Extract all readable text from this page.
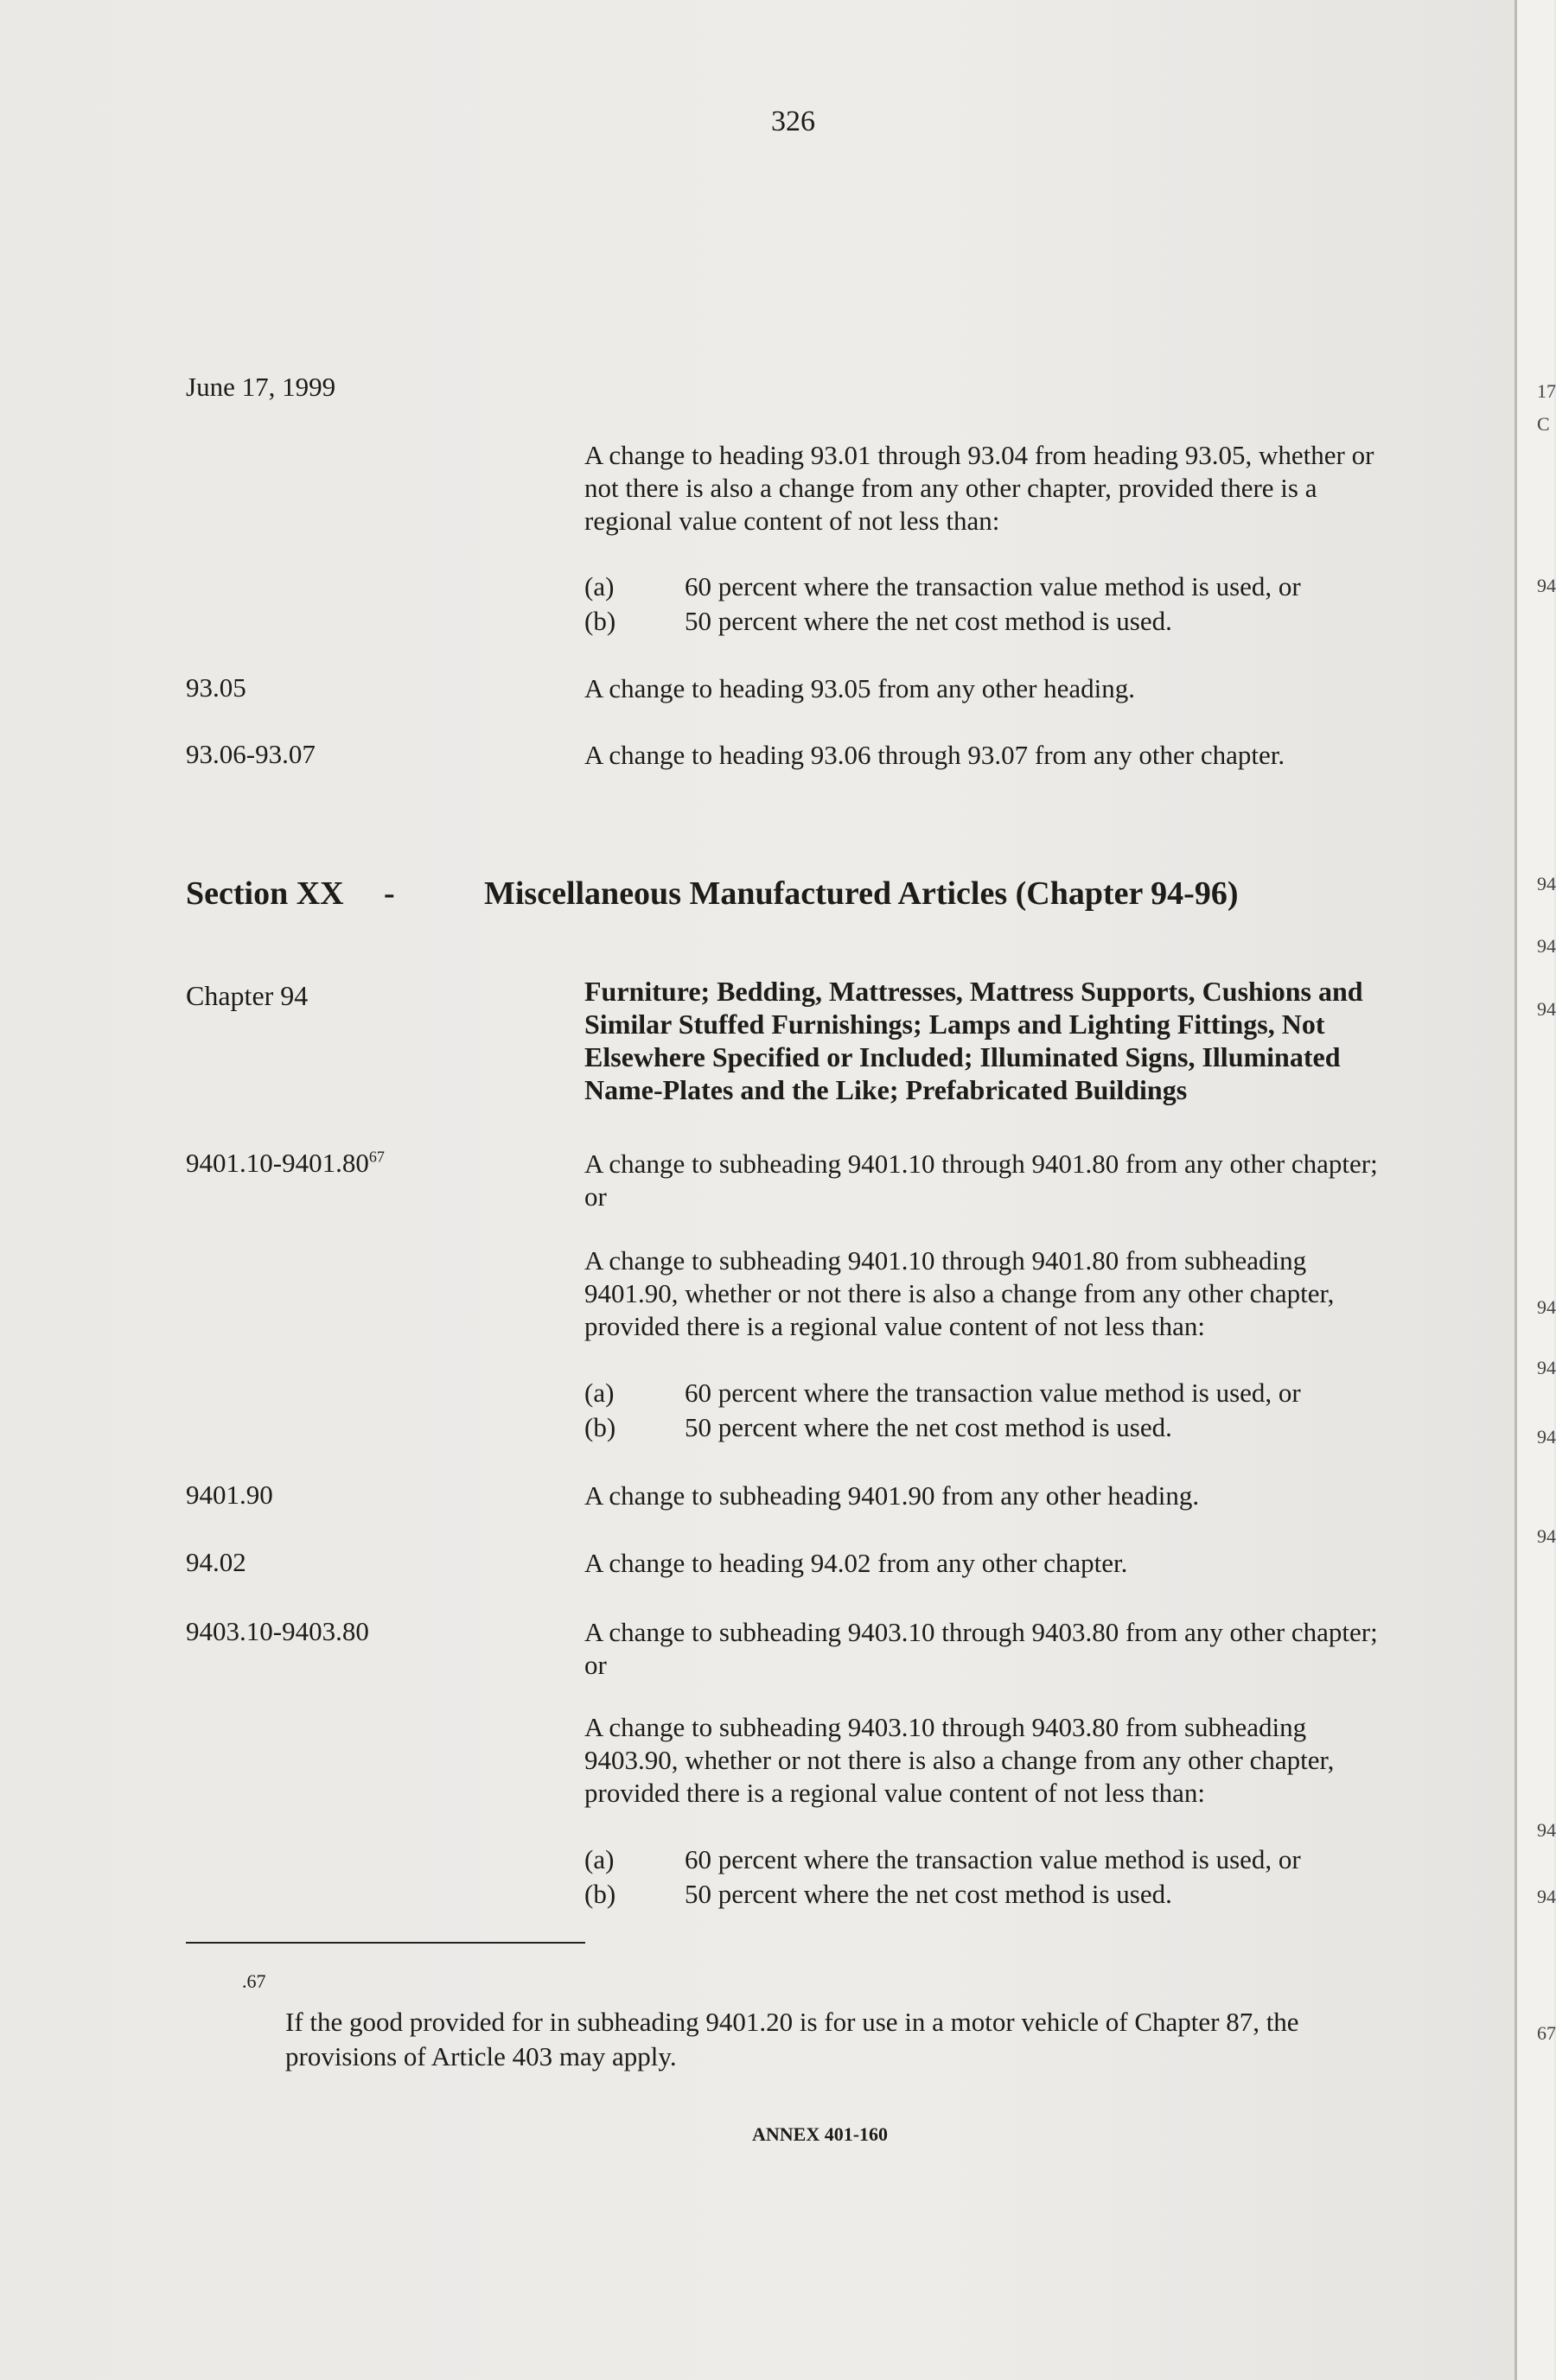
17
C
94
94
94
94
94
94
94
94
94
94
67
326
June 17, 1999
A change to heading 93.01 through 93.04 from heading 93.05, whether or not there is also a change from any other chapter, provided there is a regional value content of not less than:
(a)	60 percent where the transaction value method is used, or
(b)	50 percent where the net cost method is used.
93.05	A change to heading 93.05 from any other heading.
93.06-93.07	A change to heading 93.06 through 93.07 from any other chapter.
Section XX -	Miscellaneous Manufactured Articles (Chapter 94-96)
Chapter 94	Furniture; Bedding, Mattresses, Mattress Supports, Cushions and Similar Stuffed Furnishings; Lamps and Lighting Fittings, Not Elsewhere Specified or Included; Illuminated Signs, Illuminated Name-Plates and the Like; Prefabricated Buildings
9401.10-9401.80$^{67}$	A change to subheading 9401.10 through 9401.80 from any other chapter; or
A change to subheading 9401.10 through 9401.80 from subheading 9401.90, whether or not there is also a change from any other chapter, provided there is a regional value content of not less than:
(a)	60 percent where the transaction value method is used, or
(b)	50 percent where the net cost method is used.
9401.90	A change to subheading 9401.90 from any other heading.
94.02	A change to heading 94.02 from any other chapter.
9403.10-9403.80	A change to subheading 9403.10 through 9403.80 from any other chapter; or
A change to subheading 9403.10 through 9403.80 from subheading 9403.90, whether or not there is also a change from any other chapter, provided there is a regional value content of not less than:
(a)	60 percent where the transaction value method is used, or
(b)	50 percent where the net cost method is used.
.67
If the good provided for in subheading 9401.20 is for use in a motor vehicle of Chapter 87, the provisions of Article 403 may apply.
ANNEX 401-160
